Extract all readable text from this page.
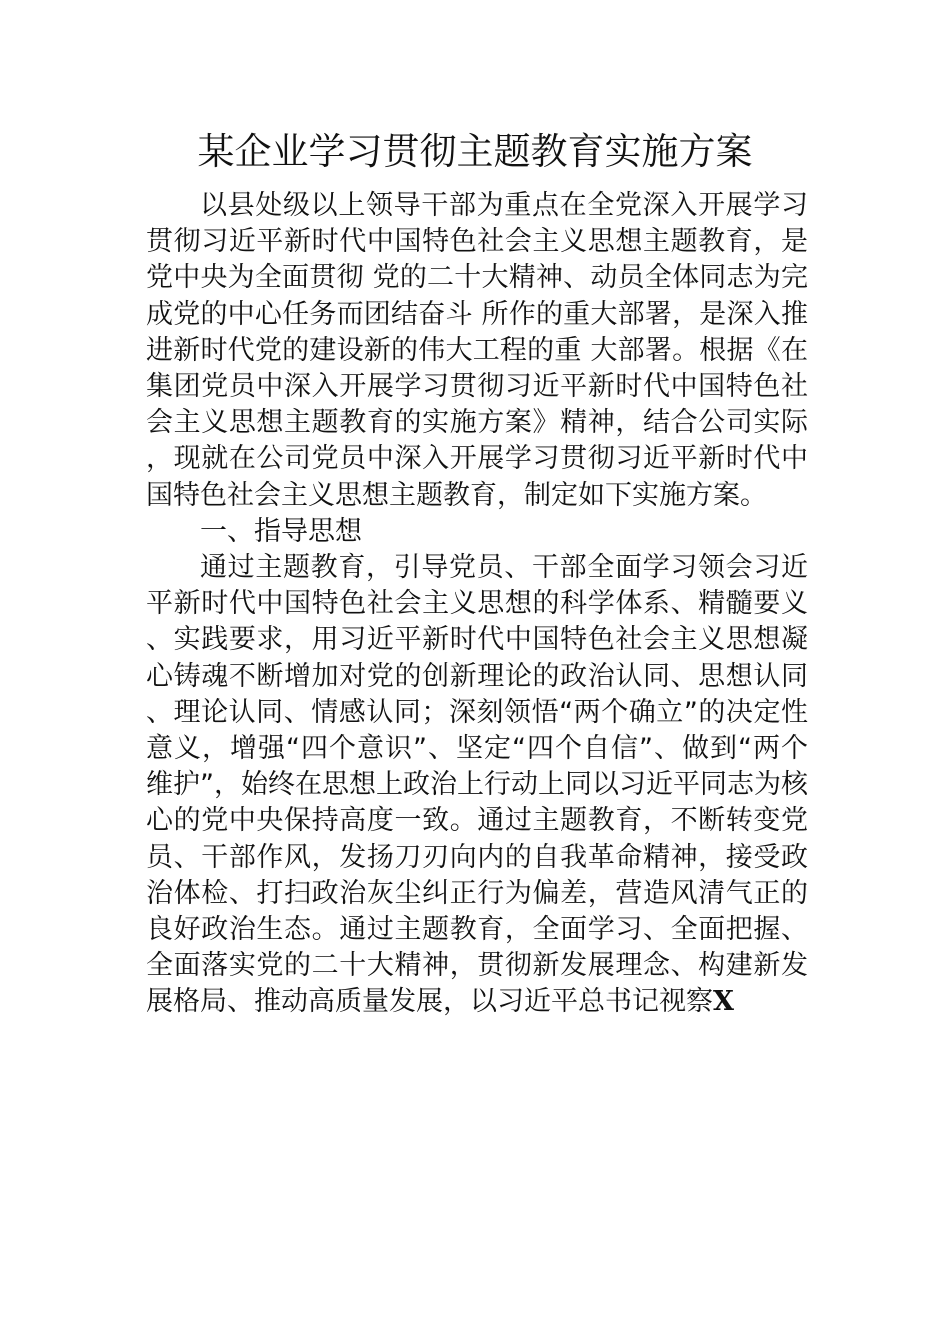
某企业学习贯彻主题教育实施方案

以县处级以上领导干部为重点在全党深入开展学习贯彻习近平新时代中国特色社会主义思想主题教育，是党中央为全面贯彻 党的二十大精神、动员全体同志为完成党的中心任务而团结奋斗 所作的重大部署，是深入推进新时代党的建设新的伟大工程的重 大部署。根据《在集团党员中深入开展学习贯彻习近平新时代中国特色社会主义思想主题教育的实施方案》精神，结合公司实际，现就在公司党员中深入开展学习贯彻习近平新时代中国特色社会主义思想主题教育，制定如下实施方案。

一、指导思想

通过主题教育，引导党员、干部全面学习领会习近平新时代中国特色社会主义思想的科学体系、精髓要义、实践要求，用习近平新时代中国特色社会主义思想凝心铸魂不断增加对党的创新理论的政治认同、思想认同、理论认同、情感认同；深刻领悟“两个确立”的决定性意义，增强“四个意识”、坚定“四个自信”、做到“两个维护”，始终在思想上政治上行动上同以习近平同志为核心的党中央保持高度一致。通过主题教育，不断转变党员、干部作风，发扬刀刃向内的自我革命精神，接受政治体检、打扫政治灰尘纠正行为偏差，营造风清气正的良好政治生态。通过主题教育，全面学习、全面把握、全面落实党的二十大精神，贯彻新发展理念、构建新发展格局、推动高质量发展，以习近平总书记视察X
